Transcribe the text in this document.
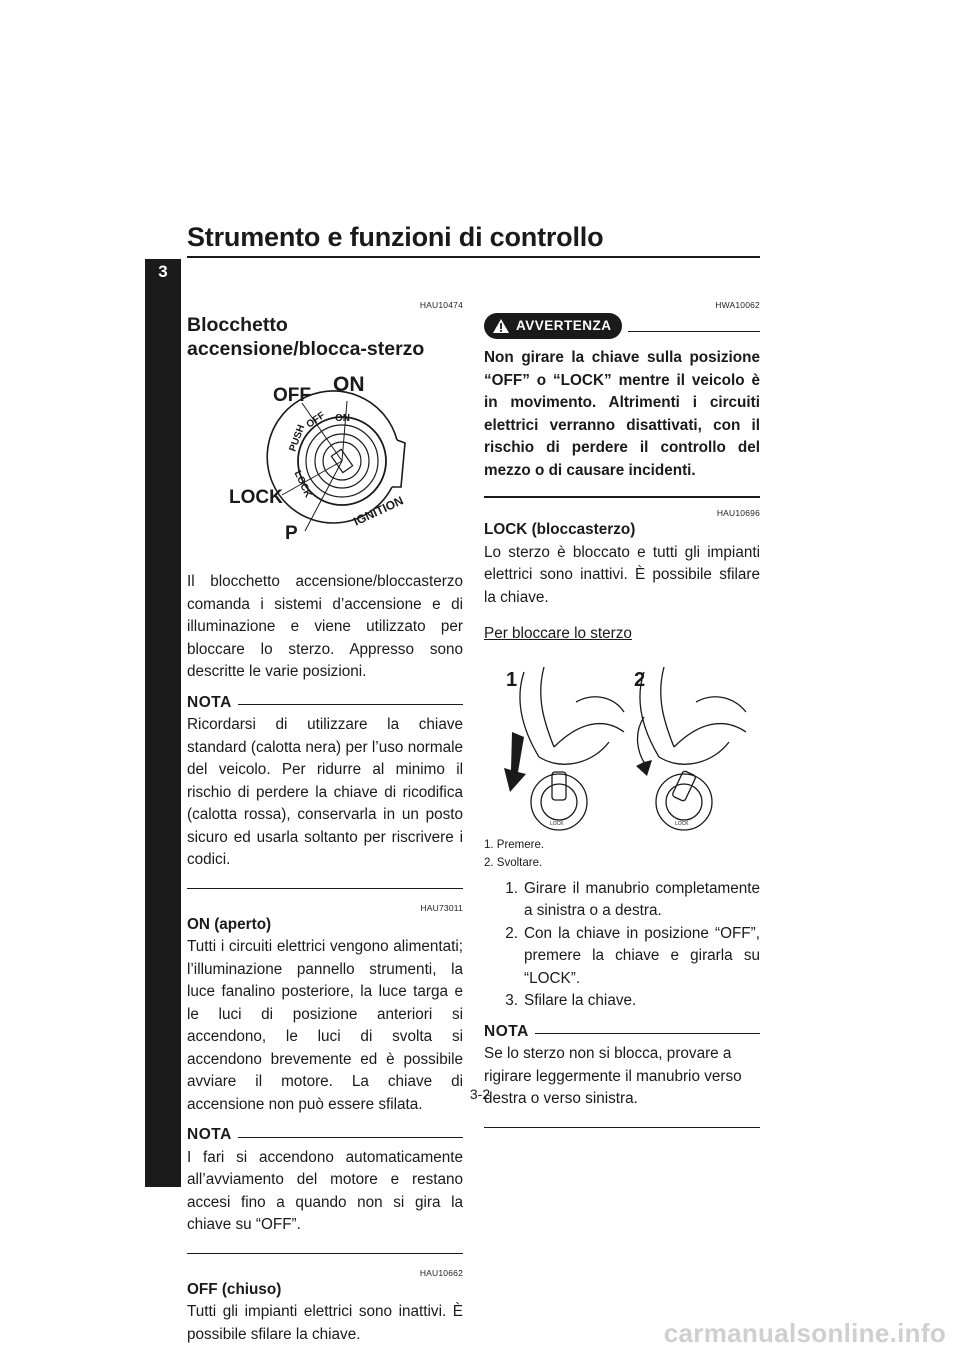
Strumento e funzioni di controllo
3
HAU10474
Blocchetto accensione/blocca-sterzo
OFF ON
LOCK
P
PUSH
OFF ON
LOCK
IGNITION

Il blocchetto accensione/bloccasterzo comanda i sistemi d’accensione e di illuminazione e viene utilizzato per bloccare lo sterzo. Appresso sono descritte le varie posizioni.

NOTA

Ricordarsi di utilizzare la chiave standard (calotta nera) per l’uso normale del veicolo. Per ridurre al minimo il rischio di perdere la chiave di ricodifica (calotta rossa), conservarla in un posto sicuro ed usarla soltanto per riscrivere i codici.

HAU73011
ON (aperto)

Tutti i circuiti elettrici vengono alimentati; l’illuminazione pannello strumenti, la luce fanalino posteriore, la luce targa e le luci di posizione anteriori si accendono, le luci di svolta si accendono brevemente ed è possibile avviare il motore. La chiave di accensione non può essere sfilata.

NOTA

I fari si accendono automaticamente all’avviamento del motore e restano accesi fino a quando non si gira la chiave su “OFF”.

HAU10662
OFF (chiuso)

Tutti gli impianti elettrici sono inattivi. È possibile sfilare la chiave.

HWA10062
AVVERTENZA

Non girare la chiave sulla posizione “OFF” o “LOCK” mentre il veicolo è in movimento. Altrimenti i circuiti elettrici verranno disattivati, con il rischio di perdere il controllo del mezzo o di causare incidenti.

HAU10696
LOCK (bloccasterzo)

Lo sterzo è bloccato e tutti gli impianti elettrici sono inattivi. È possibile sfilare la chiave.

Per bloccare lo sterzo

1	2
LOCK	LOCK
1. Premere.
2. Svoltare.
1. Girare il manubrio completamente a sinistra o a destra.
2. Con la chiave in posizione “OFF”, premere la chiave e girarla su “LOCK”.
3. Sfilare la chiave.
NOTA

Se lo sterzo non si blocca, provare a rigirare leggermente il manubrio verso destra o verso sinistra.

3-2
carmanualsonline.info
